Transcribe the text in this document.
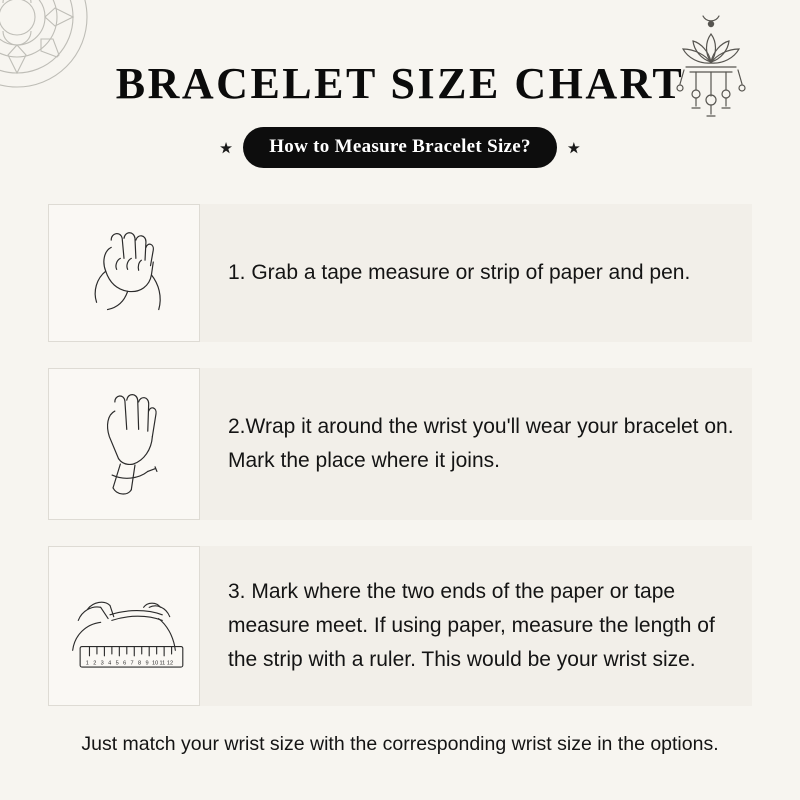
BRACELET SIZE CHART
٭	How to Measure Bracelet Size?	٭
1. Grab a tape measure or strip of paper and pen.
2.Wrap it around the wrist you'll wear your bracelet on. Mark the place where it joins.
1 2 3 4 5 6 7 8 9 10 11 12
3. Mark where the two ends of the paper or tape measure meet. If using paper, measure the length of the strip with a ruler. This would be your wrist size.
Just match your wrist size with the corresponding wrist size in the options.
